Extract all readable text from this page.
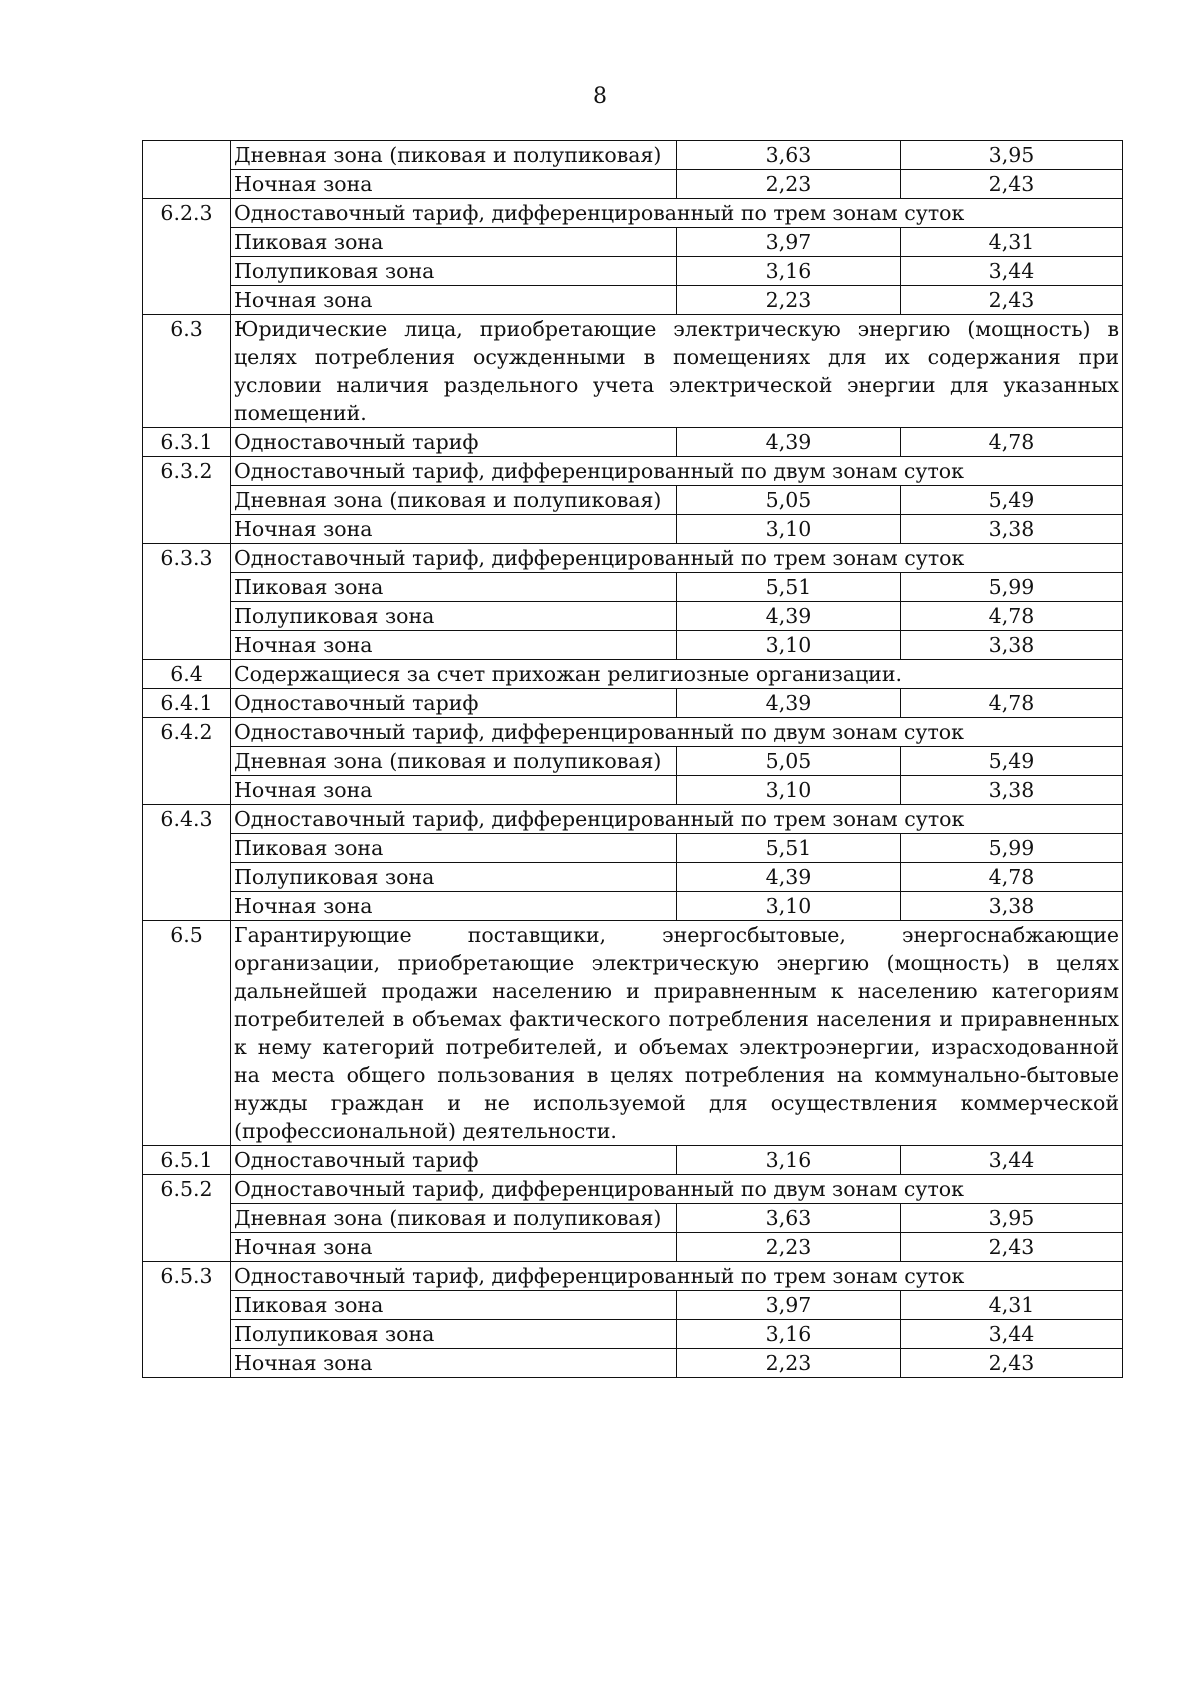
8
	Дневная зона (пиковая и полупиковая)	3,63	3,95
	Ночная зона	2,23	2,43
6.2.3	Одноставочный тариф, дифференцированный по трем зонам суток		
	Пиковая зона	3,97	4,31
	Полупиковая зона	3,16	3,44
	Ночная зона	2,23	2,43
6.3	Юридические лица, приобретающие электрическую энергию (мощность) в целях потребления осужденными в помещениях для их содержания при условии наличия раздельного учета электрической энергии для указанных помещений.		
6.3.1	Одноставочный тариф	4,39	4,78
6.3.2	Одноставочный тариф, дифференцированный по двум зонам суток		
	Дневная зона (пиковая и полупиковая)	5,05	5,49
	Ночная зона	3,10	3,38
6.3.3	Одноставочный тариф, дифференцированный по трем зонам суток		
	Пиковая зона	5,51	5,99
	Полупиковая зона	4,39	4,78
	Ночная зона	3,10	3,38
6.4	Содержащиеся за счет прихожан религиозные организации.		
6.4.1	Одноставочный тариф	4,39	4,78
6.4.2	Одноставочный тариф, дифференцированный по двум зонам суток		
	Дневная зона (пиковая и полупиковая)	5,05	5,49
	Ночная зона	3,10	3,38
6.4.3	Одноставочный тариф, дифференцированный по трем зонам суток		
	Пиковая зона	5,51	5,99
	Полупиковая зона	4,39	4,78
	Ночная зона	3,10	3,38
6.5	Гарантирующие поставщики, энергосбытовые, энергоснабжающие организации, приобретающие электрическую энергию (мощность) в целях дальнейшей продажи населению и приравненным к населению категориям потребителей в объемах фактического потребления населения и приравненных к нему категорий потребителей, и объемах электроэнергии, израсходованной на места общего пользования в целях потребления на коммунально-бытовые нужды граждан и не используемой для осуществления коммерческой (профессиональной) деятельности.		
6.5.1	Одноставочный тариф	3,16	3,44
6.5.2	Одноставочный тариф, дифференцированный по двум зонам суток		
	Дневная зона (пиковая и полупиковая)	3,63	3,95
	Ночная зона	2,23	2,43
6.5.3	Одноставочный тариф, дифференцированный по трем зонам суток		
	Пиковая зона	3,97	4,31
	Полупиковая зона	3,16	3,44
	Ночная зона	2,23	2,43
